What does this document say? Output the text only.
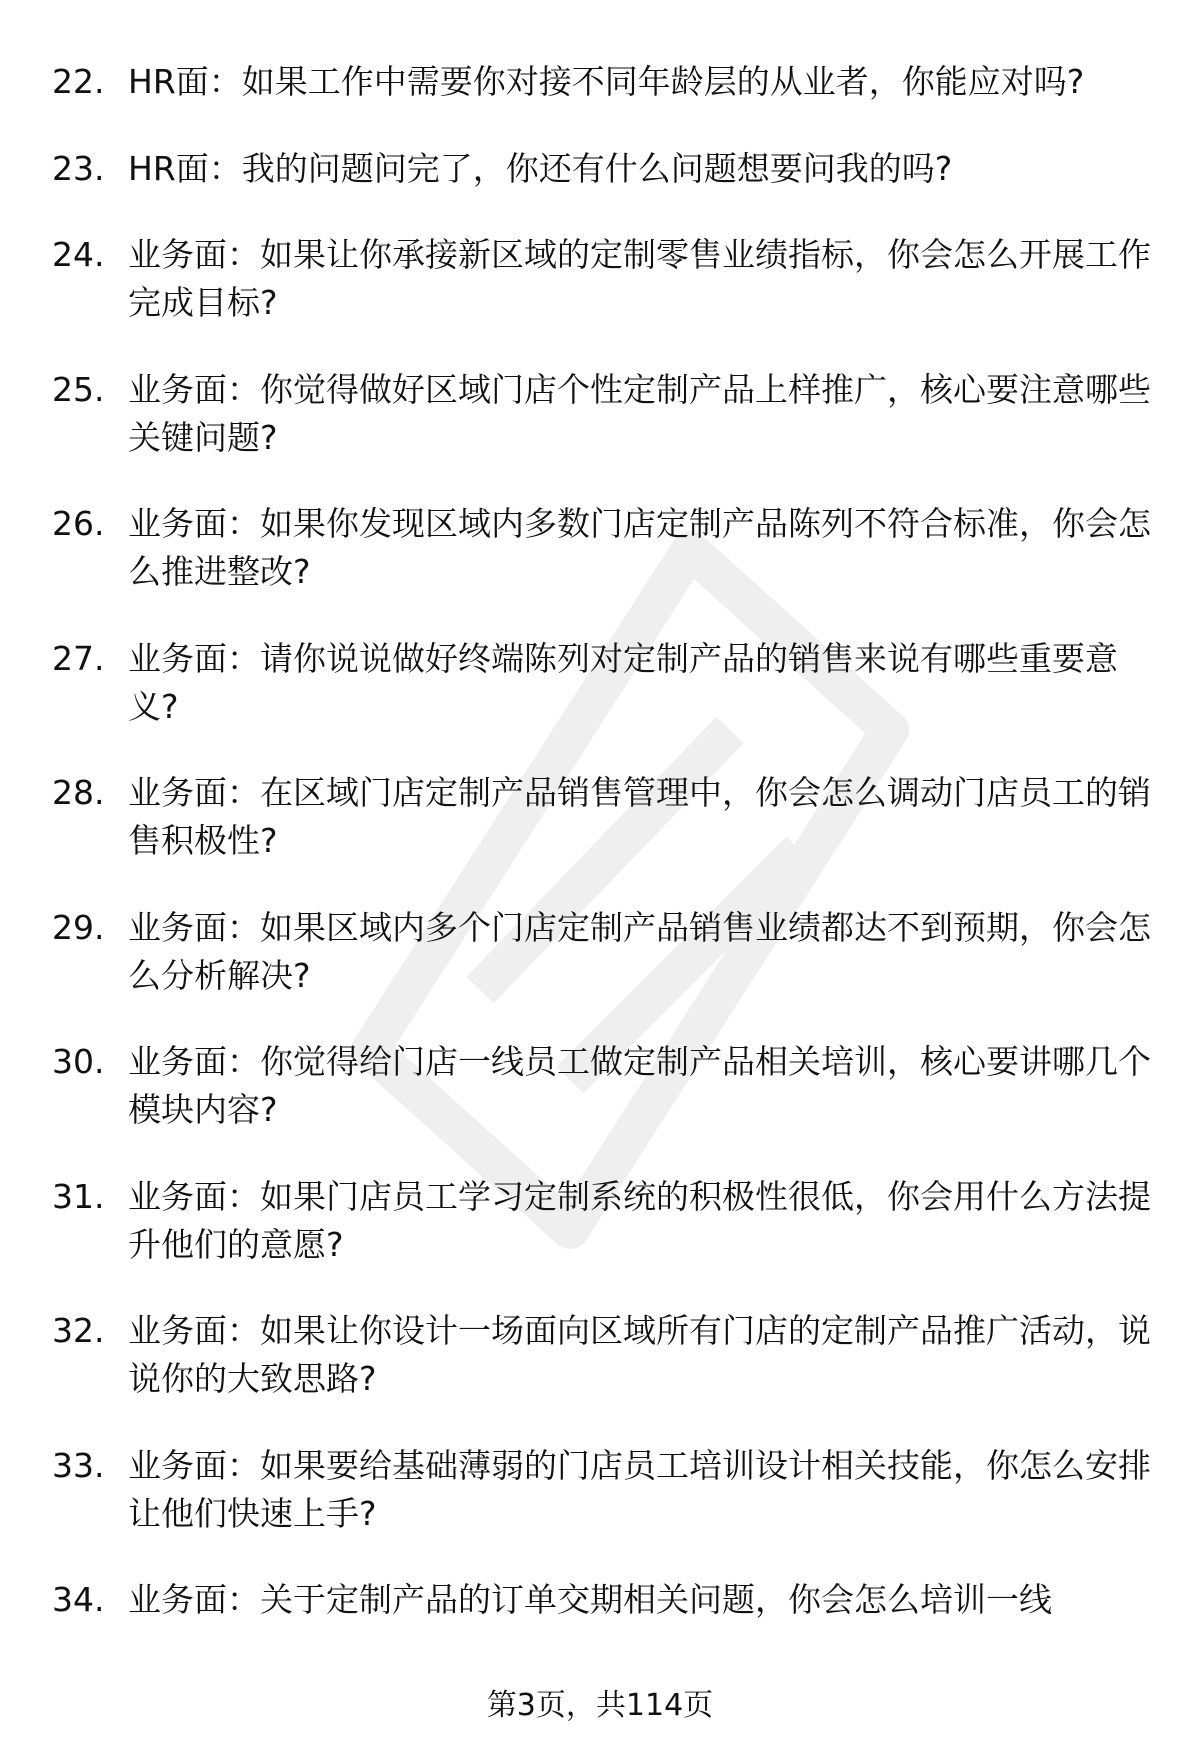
22. HR面：如果工作中需要你对接不同年龄层的从业者，你能应对吗?
23. HR面：我的问题问完了，你还有什么问题想要问我的吗?
24. 业务面：如果让你承接新区域的定制零售业绩指标，你会怎么开展工作完成目标?
25. 业务面：你觉得做好区域门店个性定制产品上样推广，核心要注意哪些关键问题?
26. 业务面：如果你发现区域内多数门店定制产品陈列不符合标准，你会怎么推进整改?
27. 业务面：请你说说做好终端陈列对定制产品的销售来说有哪些重要意义?
28. 业务面：在区域门店定制产品销售管理中，你会怎么调动门店员工的销售积极性?
29. 业务面：如果区域内多个门店定制产品销售业绩都达不到预期，你会怎么分析解决?
30. 业务面：你觉得给门店一线员工做定制产品相关培训，核心要讲哪几个模块内容?
31. 业务面：如果门店员工学习定制系统的积极性很低，你会用什么方法提升他们的意愿?
32. 业务面：如果让你设计一场面向区域所有门店的定制产品推广活动，说说你的大致思路?
33. 业务面：如果要给基础薄弱的门店员工培训设计相关技能，你怎么安排让他们快速上手?
34. 业务面：关于定制产品的订单交期相关问题，你会怎么培训一线
第3页，共114页
